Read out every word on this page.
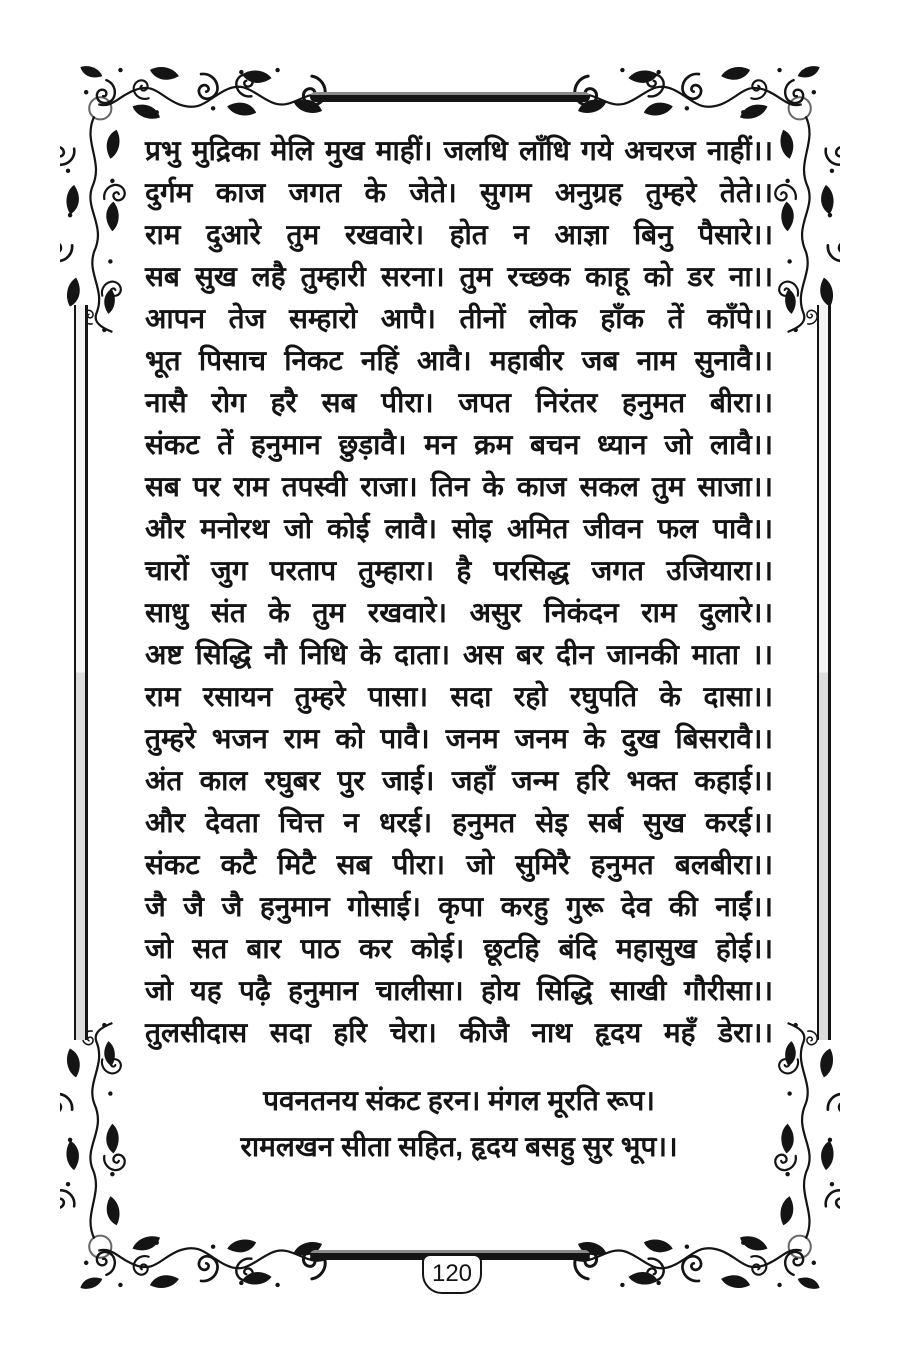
प्रभु मुद्रिका मेलि मुख माहीं। जलधि लाँधि गये अचरज नाहीं।।
दुर्गम काज जगत के जेते। सुगम अनुग्रह तुम्हरे तेते।।
राम दुआरे तुम रखवारे। होत न आज्ञा बिनु पैसारे।।
सब सुख लहै तुम्हारी सरना। तुम रच्छक काहू को डर ना।।
आपन तेज सम्हारो आपै। तीनों लोक हाँक तें काँपे।।
भूत पिसाच निकट नहिं आवै। महाबीर जब नाम सुनावै।।
नासै रोग हरै सब पीरा। जपत निरंतर हनुमत बीरा।।
संकट तें हनुमान छुड़ावै। मन क्रम बचन ध्यान जो लावै।।
सब पर राम तपस्वी राजा। तिन के काज सकल तुम साजा।।
और मनोरथ जो कोई लावै। सोइ अमित जीवन फल पावै।।
चारों जुग परताप तुम्हारा। है परसिद्ध जगत उजियारा।।
साधु संत के तुम रखवारे। असुर निकंदन राम दुलारे।।
अष्ट सिद्धि नौ निधि के दाता। अस बर दीन जानकी माता ।।
राम रसायन तुम्हरे पासा। सदा रहो रघुपति के दासा।।
तुम्हरे भजन राम को पावै। जनम जनम के दुख बिसरावै।।
अंत काल रघुबर पुर जाई। जहाँ जन्म हरि भक्त कहाई।।
और देवता चित्त न धरई। हनुमत सेइ सर्ब सुख करई।।
संकट कटै मिटै सब पीरा। जो सुमिरै हनुमत बलबीरा।।
जै जै जै हनुमान गोसाई। कृपा करहु गुरू देव की नाईं।।
जो सत बार पाठ कर कोई। छूटहि बंदि महासुख होई।।
जो यह पढ़ै हनुमान चालीसा। होय सिद्धि साखी गौरीसा।।
तुलसीदास सदा हरि चेरा। कीजै नाथ हृदय महँ डेरा।।
पवनतनय संकट हरन। मंगल मूरति रूप।
रामलखन सीता सहित, हृदय बसहु सुर भूप।।
120
